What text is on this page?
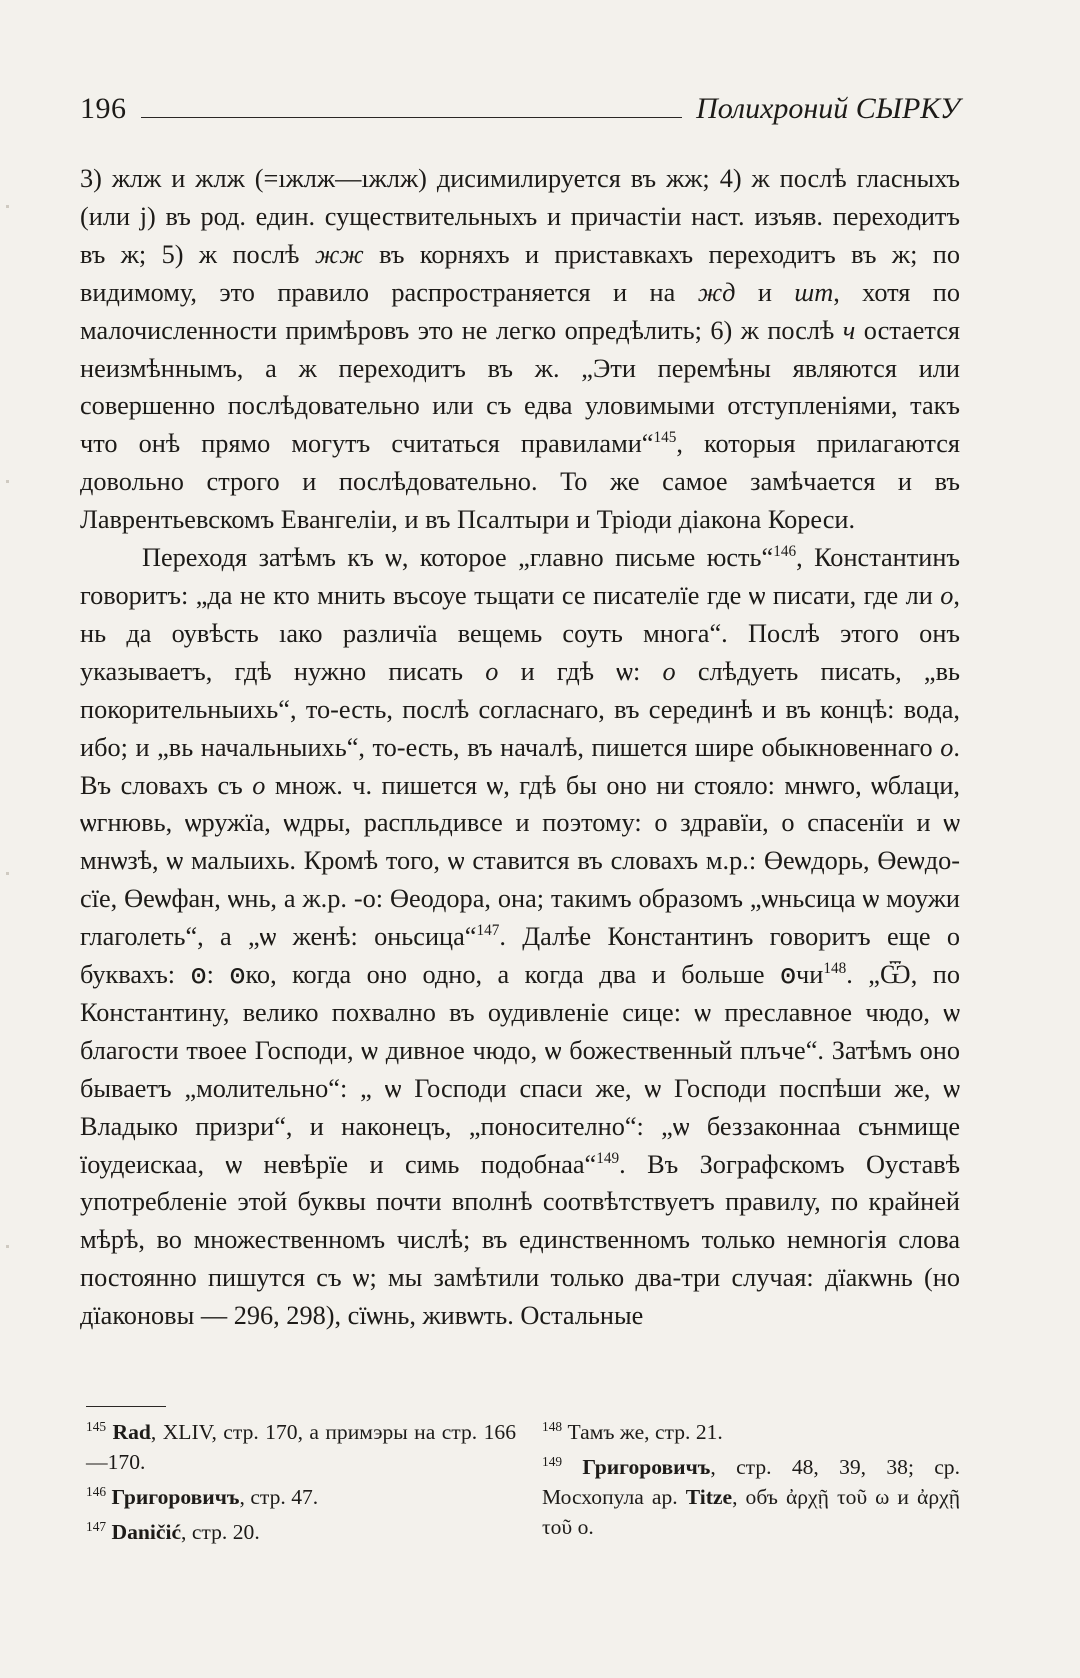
196	Полихроний СЫРКУ

3) жлж и жлж (=ıжлж—ıжлж) дисимилируется въ жж; 4) ж послѣ гласныхъ (или j) въ род. един. существительныхъ и причастіи наст. изъяв. переходитъ въ ж; 5) ж послѣ жж въ корняхъ и приставкахъ переходитъ въ ж; по видимому, это правило распространяется и на жд и шт, хотя по малочисленности примѣровъ это не легко опредѣлить; 6) ж послѣ ч остается неизмѣннымъ, а ж переходитъ въ ж. „Эти перемѣны являются или совершенно послѣдовательно или съ едва уловимыми отступленіями, такъ что онѣ прямо могутъ считаться правилами“$^{145}$, которыя прилагаются довольно строго и послѣдовательно. То же самое замѣчается и въ Лаврентьевскомъ Евангеліи, и въ Псалтыри и Тріоди діакона Кореси.

Переходя затѣмъ къ ѡ, которое „главно письме юсть“$^{146}$, Константинъ говоритъ: „да не кто мнить въсоуе тьщати се писателїе где ѡ писати, где ли о, нь да оувѣсть ıако различїа вещемь соуть многа“. Послѣ этого онъ указываетъ, гдѣ нужно писать о и гдѣ ѡ: о слѣдуеть писать, „вь покорительныихь“, то-есть, послѣ согласнаго, въ серединѣ и въ концѣ: вода, ибо; и „вь начальныихь“, то-есть, въ началѣ, пишется шире обыкновеннаго о. Въ словахъ съ о множ. ч. пишется ѡ, гдѣ бы оно ни стояло: мнѡго, ѡблаци, ѡгнювь, ѡружїа, ѡдры, распльдивсе и поэтому: о здравїи, о спасенїи и ѡ мнѡзѣ, ѡ малыихь. Кромѣ того, ѡ ставится въ словахъ м.р.: Өеѡдорь, Өеѡдосїе, Өеѡфан, ѡнь, а ж.р. -о: Өеодора, она; такимъ образомъ „ѡньсица ѡ моужи глаголеть“, а „ѡ женѣ: оньсица“$^{147}$. Далѣе Константинъ говоритъ еще о буквахъ: ꙩ: ꙩко, когда оно одно, а когда два и больше ꙩчи$^{148}$. „Ѿ, по Константину, велико похвално въ оудивленіе сице: ѡ преславное чюдо, ѡ благости твоее Господи, ѡ дивное чюдо, ѡ божественный плъче“. Затѣмъ оно бываетъ „молительно“: „ ѡ Господи спаси же, ѡ Господи поспѣши же, ѡ Владыко призри“, и наконецъ, „поносително“: „ѡ беззаконнаа сънмище ïоудеискаа, ѡ невѣрïе и симь подобнаа“$^{149}$. Въ Зографскомъ Оуставѣ употребленіе этой буквы почти вполнѣ соотвѣтствуетъ правилу, по крайней мѣрѣ, во множественномъ числѣ; въ единственномъ только немногія слова постоянно пишутся съ ѡ; мы замѣтили только два-три случая: дïакѡнь (но дïаконовы — 296, 298), сïѡнь, живѡть. Остальные

$^{145}$ Rad, XLIV, стр. 170, а примэры на стр. 166—170.

$^{146}$ Григоровичъ, стр. 47.

$^{147}$ Daničić, стр. 20.

$^{148}$ Тамъ же, стр. 21.

$^{149}$ Григоровичъ, стр. 48, 39, 38; ср. Мосхопула ар. Titze, объ ἀρχῇ τοῦ ω и ἀρχῇ τοῦ ο.
